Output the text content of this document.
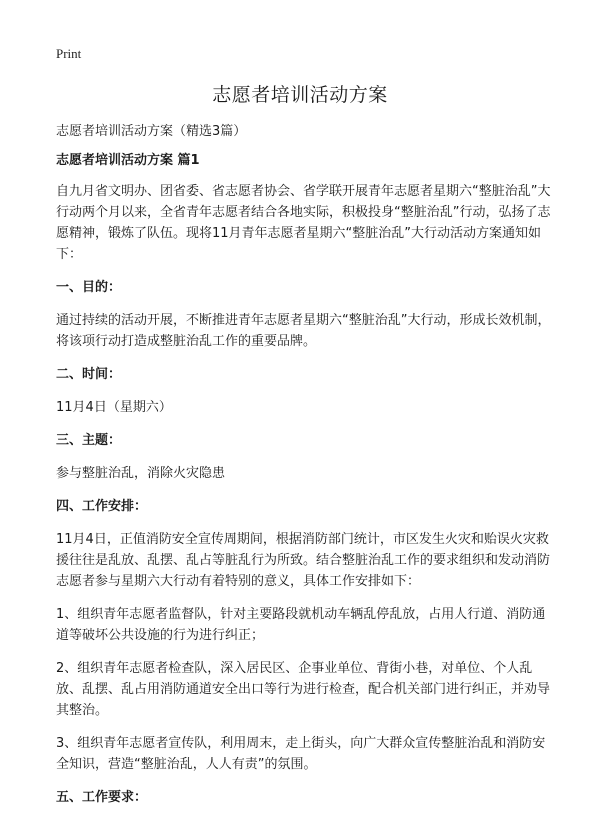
Print
志愿者培训活动方案
志愿者培训活动方案（精选3篇）

志愿者培训活动方案 篇1

自九月省文明办、团省委、省志愿者协会、省学联开展青年志愿者星期六“整脏治乱”大行动两个月以来，全省青年志愿者结合各地实际，积极投身“整脏治乱”行动，弘扬了志愿精神，锻炼了队伍。现将11月青年志愿者星期六“整脏治乱”大行动活动方案通知如下：

一、目的：

通过持续的活动开展，不断推进青年志愿者星期六“整脏治乱”大行动，形成长效机制，将该项行动打造成整脏治乱工作的重要品牌。

二、时间：

11月4日（星期六）

三、主题：

参与整脏治乱，消除火灾隐患

四、工作安排：

11月4日，正值消防安全宣传周期间，根据消防部门统计，市区发生火灾和贻误火灾救援往往是乱放、乱摆、乱占等脏乱行为所致。结合整脏治乱工作的要求组织和发动消防志愿者参与星期六大行动有着特别的意义，具体工作安排如下：

1、组织青年志愿者监督队，针对主要路段就机动车辆乱停乱放，占用人行道、消防通道等破坏公共设施的行为进行纠正；

2、组织青年志愿者检查队，深入居民区、企事业单位、背街小巷，对单位、个人乱放、乱摆、乱占用消防通道安全出口等行为进行检查，配合机关部门进行纠正，并劝导其整治。

3、组织青年志愿者宣传队，利用周末，走上街头，向广大群众宣传整脏治乱和消防安全知识，营造“整脏治乱，人人有责”的氛围。

五、工作要求：
